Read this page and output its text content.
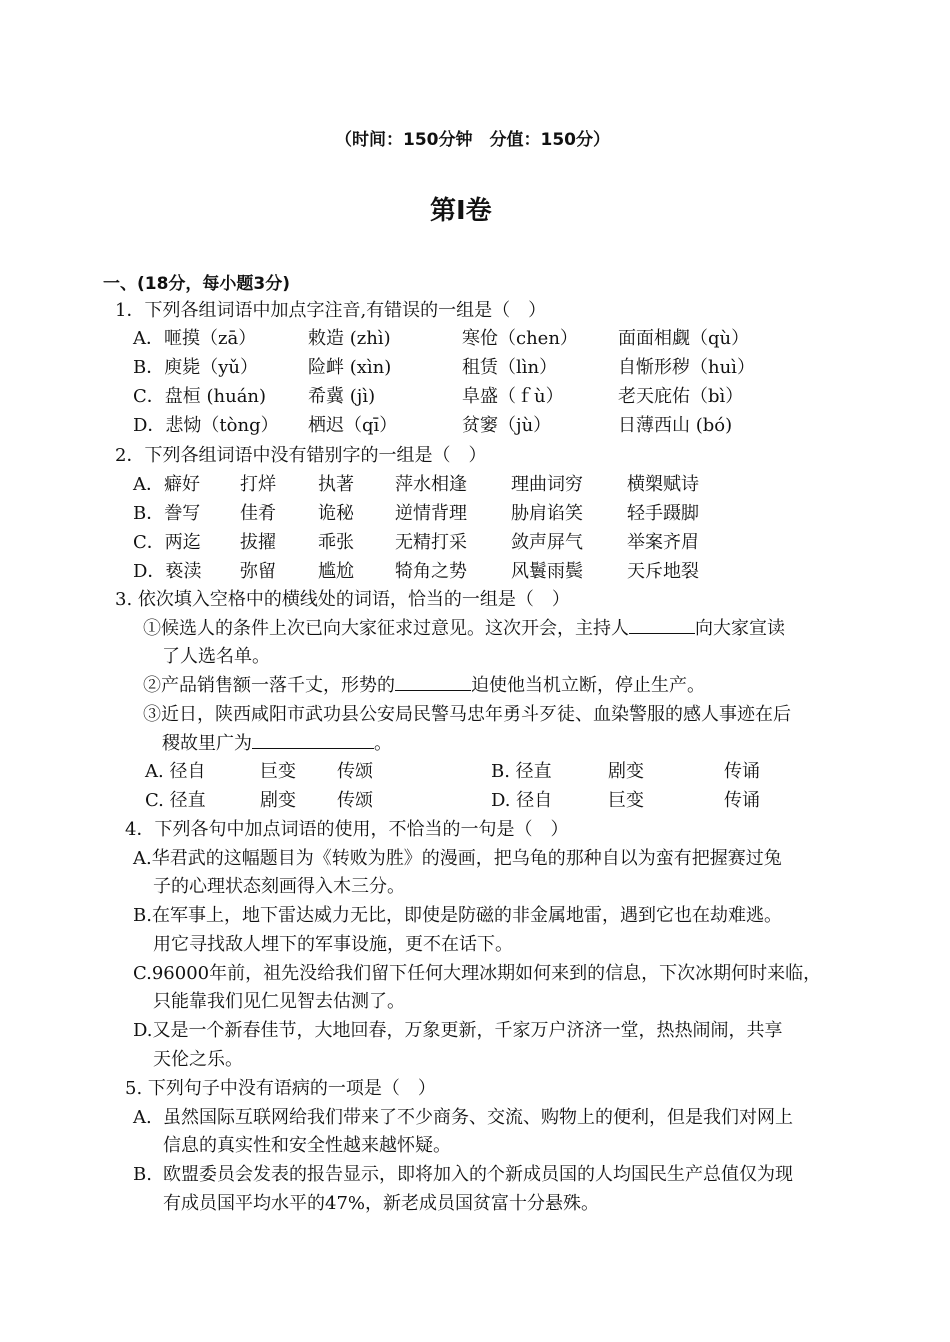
（时间：150分钟　分值：150分）
第Ⅰ卷
一、(18分，每小题3分)
1．下列各组词语中加点字注音,有错误的一组是（　）
A．咂摸（zā）	敕造 (zhì)	寒伧（chen） 面面相觑（qù）
B．庾毙（yǔ）	险衅 (xìn)	租赁（lìn）	自惭形秽（huì）
C．盘桓 (huán) 希冀 (jì)	阜盛（ｆù）	老天庇佑（bì）
D．悲恸（tòng） 栖迟（qī）	贫窭（jù）	日薄西山 (bó)
2．下列各组词语中没有错别字的一组是（　）
A．癖好 打烊 执著 萍水相逢 理曲词穷 横槊赋诗
B．誊写 佳肴 诡秘 逆情背理 胁肩谄笑 轻手蹑脚
C．两迄 拔擢 乖张 无精打采 敛声屏气 举案齐眉
D．亵渎 弥留 尴尬 犄角之势 风鬟雨鬓 天斥地裂
3. 依次填入空格中的横线处的词语，恰当的一组是（　）
①候选人的条件上次已向大家征求过意见。这次开会，主持人	向大家宣读
了人选名单。
②产品销售额一落千丈，形势的	迫使他当机立断，停止生产。
③近日，陕西咸阳市武功县公安局民警马忠年勇斗歹徒、血染警服的感人事迹在后
稷故里广为	。
A. 径自	巨变 传颂	B. 径直	剧变	传诵
C. 径直	剧变 传颂	D. 径自	巨变	传诵
4．下列各句中加点词语的使用，不恰当的一句是（　）
A.华君武的这幅题目为《转败为胜》的漫画，把乌龟的那种自以为蛮有把握赛过兔
子的心理状态刻画得入木三分。
B.在军事上，地下雷达威力无比，即使是防磁的非金属地雷，遇到它也在劫难逃。
用它寻找敌人埋下的军事设施，更不在话下。
C.96000年前，祖先没给我们留下任何大理冰期如何来到的信息，下次冰期何时来临，
只能靠我们见仁见智去估测了。
D.又是一个新春佳节，大地回春，万象更新，千家万户济济一堂，热热闹闹，共享
天伦之乐。
5. 下列句子中没有语病的一项是（　）
A. 虽然国际互联网给我们带来了不少商务、交流、购物上的便利，但是我们对网上
信息的真实性和安全性越来越怀疑。
B. 欧盟委员会发表的报告显示，即将加入的个新成员国的人均国民生产总值仅为现
有成员国平均水平的47%，新老成员国贫富十分悬殊。
